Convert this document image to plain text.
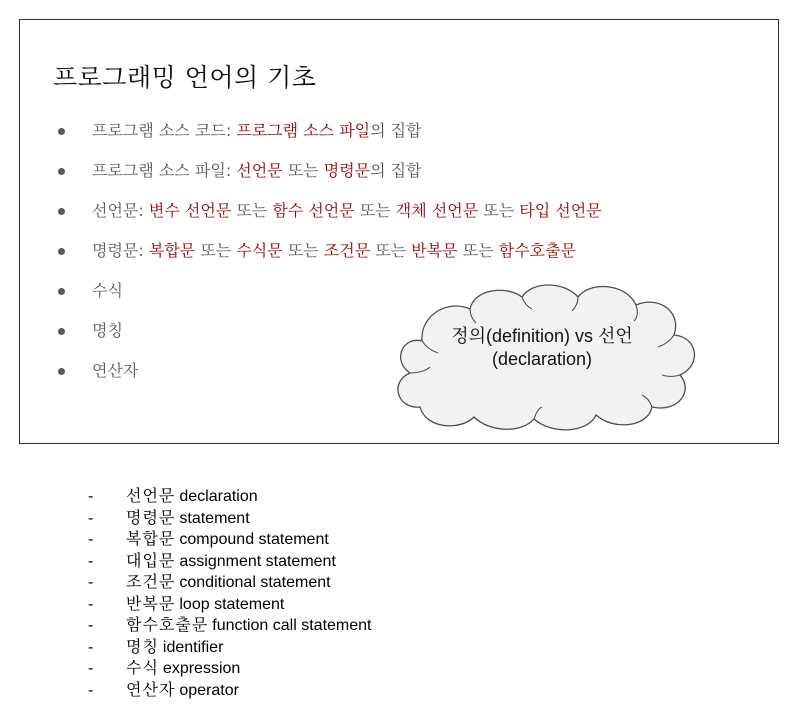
프로그래밍 언어의 기초
프로그램 소스 코드: 프로그램 소스 파일의 집합
프로그램 소스 파일: 선언문 또는 명령문의 집합
선언문: 변수 선언문 또는 함수 선언문 또는 객체 선언문 또는 타입 선언문
명령문: 복합문 또는 수식문 또는 조건문 또는 반복문 또는 함수호출문
수식
명칭
연산자
정의(definition) vs 선언
(declaration)
- 선언문 declaration
- 명령문 statement
- 복합문 compound statement
- 대입문 assignment statement
- 조건문 conditional statement
- 반복문 loop statement
- 함수호출문 function call statement
- 명칭 identifier
- 수식 expression
- 연산자 operator
